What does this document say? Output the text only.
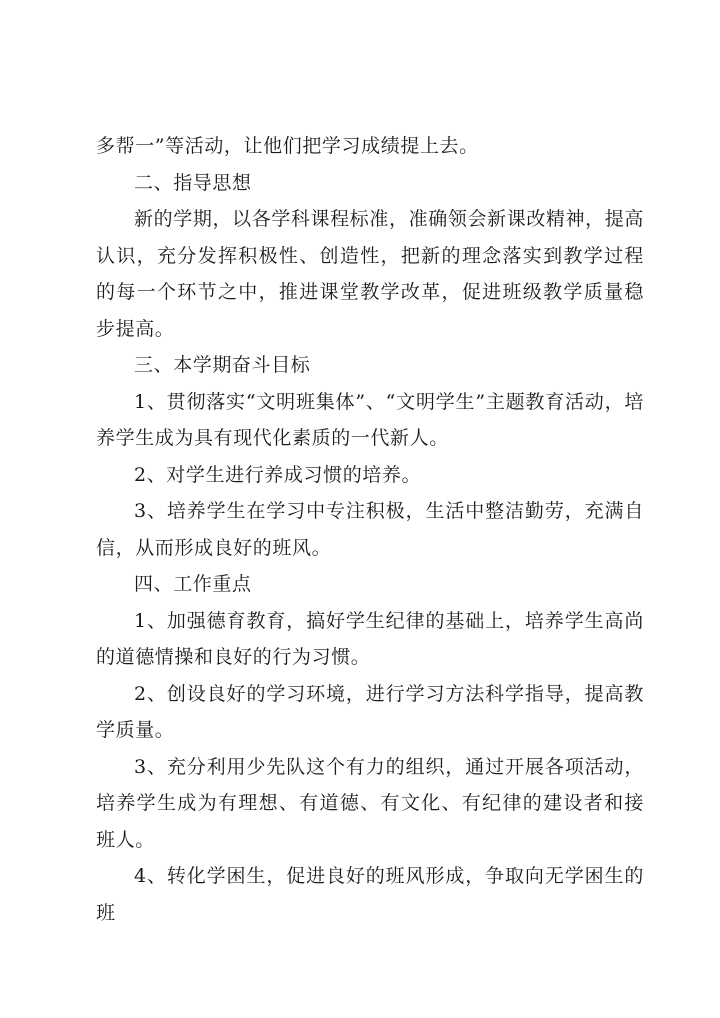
多帮一”等活动，让他们把学习成绩提上去。

二、指导思想

新的学期，以各学科课程标准，准确领会新课改精神，提高认识，充分发挥积极性、创造性，把新的理念落实到教学过程的每一个环节之中，推进课堂教学改革，促进班级教学质量稳步提高。

三、本学期奋斗目标

1、贯彻落实“文明班集体”、“文明学生”主题教育活动，培养学生成为具有现代化素质的一代新人。

2、对学生进行养成习惯的培养。

3、培养学生在学习中专注积极，生活中整洁勤劳，充满自信，从而形成良好的班风。

四、工作重点

1、加强德育教育，搞好学生纪律的基础上，培养学生高尚的道德情操和良好的行为习惯。

2、创设良好的学习环境，进行学习方法科学指导，提高教学质量。

3、充分利用少先队这个有力的组织，通过开展各项活动，培养学生成为有理想、有道德、有文化、有纪律的建设者和接班人。

4、转化学困生，促进良好的班风形成，争取向无学困生的班
